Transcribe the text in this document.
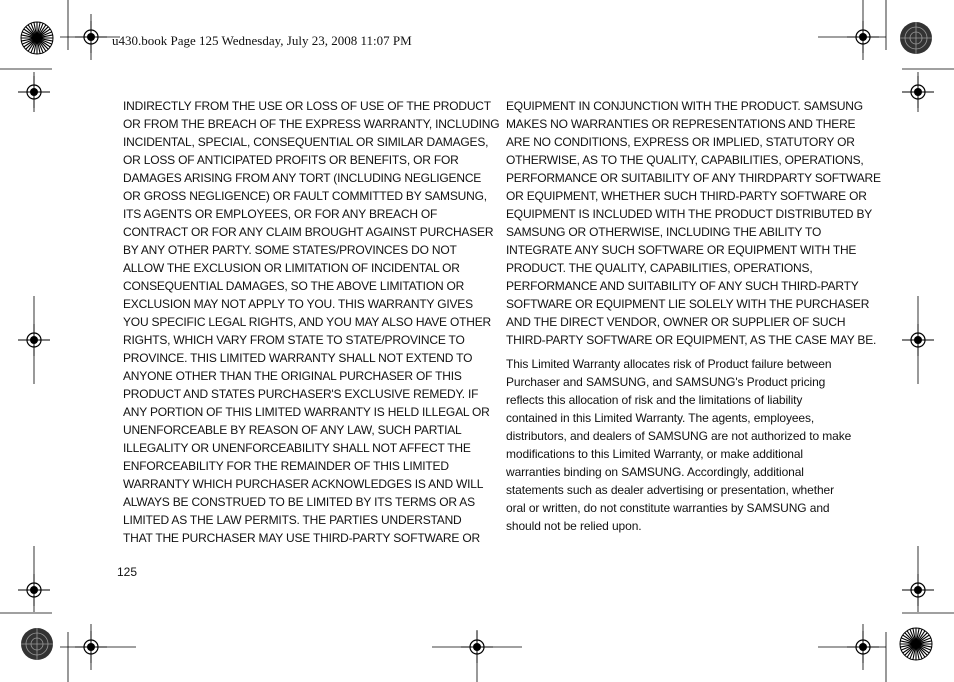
u430.book Page 125 Wednesday, July 23, 2008 11:07 PM

INDIRECTLY FROM THE USE OR LOSS OF USE OF THE PRODUCT
OR FROM THE BREACH OF THE EXPRESS WARRANTY, INCLUDING
INCIDENTAL, SPECIAL, CONSEQUENTIAL OR SIMILAR DAMAGES,
OR LOSS OF ANTICIPATED PROFITS OR BENEFITS, OR FOR
DAMAGES ARISING FROM ANY TORT (INCLUDING NEGLIGENCE
OR GROSS NEGLIGENCE) OR FAULT COMMITTED BY SAMSUNG,
ITS AGENTS OR EMPLOYEES, OR FOR ANY BREACH OF
CONTRACT OR FOR ANY CLAIM BROUGHT AGAINST PURCHASER
BY ANY OTHER PARTY. SOME STATES/PROVINCES DO NOT
ALLOW THE EXCLUSION OR LIMITATION OF INCIDENTAL OR
CONSEQUENTIAL DAMAGES, SO THE ABOVE LIMITATION OR
EXCLUSION MAY NOT APPLY TO YOU. THIS WARRANTY GIVES
YOU SPECIFIC LEGAL RIGHTS, AND YOU MAY ALSO HAVE OTHER
RIGHTS, WHICH VARY FROM STATE TO STATE/PROVINCE TO
PROVINCE. THIS LIMITED WARRANTY SHALL NOT EXTEND TO
ANYONE OTHER THAN THE ORIGINAL PURCHASER OF THIS
PRODUCT AND STATES PURCHASER'S EXCLUSIVE REMEDY. IF
ANY PORTION OF THIS LIMITED WARRANTY IS HELD ILLEGAL OR
UNENFORCEABLE BY REASON OF ANY LAW, SUCH PARTIAL
ILLEGALITY OR UNENFORCEABILITY SHALL NOT AFFECT THE
ENFORCEABILITY FOR THE REMAINDER OF THIS LIMITED
WARRANTY WHICH PURCHASER ACKNOWLEDGES IS AND WILL
ALWAYS BE CONSTRUED TO BE LIMITED BY ITS TERMS OR AS
LIMITED AS THE LAW PERMITS. THE PARTIES UNDERSTAND
THAT THE PURCHASER MAY USE THIRD-PARTY SOFTWARE OR

EQUIPMENT IN CONJUNCTION WITH THE PRODUCT. SAMSUNG
MAKES NO WARRANTIES OR REPRESENTATIONS AND THERE
ARE NO CONDITIONS, EXPRESS OR IMPLIED, STATUTORY OR
OTHERWISE, AS TO THE QUALITY, CAPABILITIES, OPERATIONS,
PERFORMANCE OR SUITABILITY OF ANY THIRDPARTY SOFTWARE
OR EQUIPMENT, WHETHER SUCH THIRD-PARTY SOFTWARE OR
EQUIPMENT IS INCLUDED WITH THE PRODUCT DISTRIBUTED BY
SAMSUNG OR OTHERWISE, INCLUDING THE ABILITY TO
INTEGRATE ANY SUCH SOFTWARE OR EQUIPMENT WITH THE
PRODUCT. THE QUALITY, CAPABILITIES, OPERATIONS,
PERFORMANCE AND SUITABILITY OF ANY SUCH THIRD-PARTY
SOFTWARE OR EQUIPMENT LIE SOLELY WITH THE PURCHASER
AND THE DIRECT VENDOR, OWNER OR SUPPLIER OF SUCH
THIRD-PARTY SOFTWARE OR EQUIPMENT, AS THE CASE MAY BE.

This Limited Warranty allocates risk of Product failure between
Purchaser and SAMSUNG, and SAMSUNG's Product pricing
reflects this allocation of risk and the limitations of liability
contained in this Limited Warranty. The agents, employees,
distributors, and dealers of SAMSUNG are not authorized to make
modifications to this Limited Warranty, or make additional
warranties binding on SAMSUNG. Accordingly, additional
statements such as dealer advertising or presentation, whether
oral or written, do not constitute warranties by SAMSUNG and
should not be relied upon.

125
